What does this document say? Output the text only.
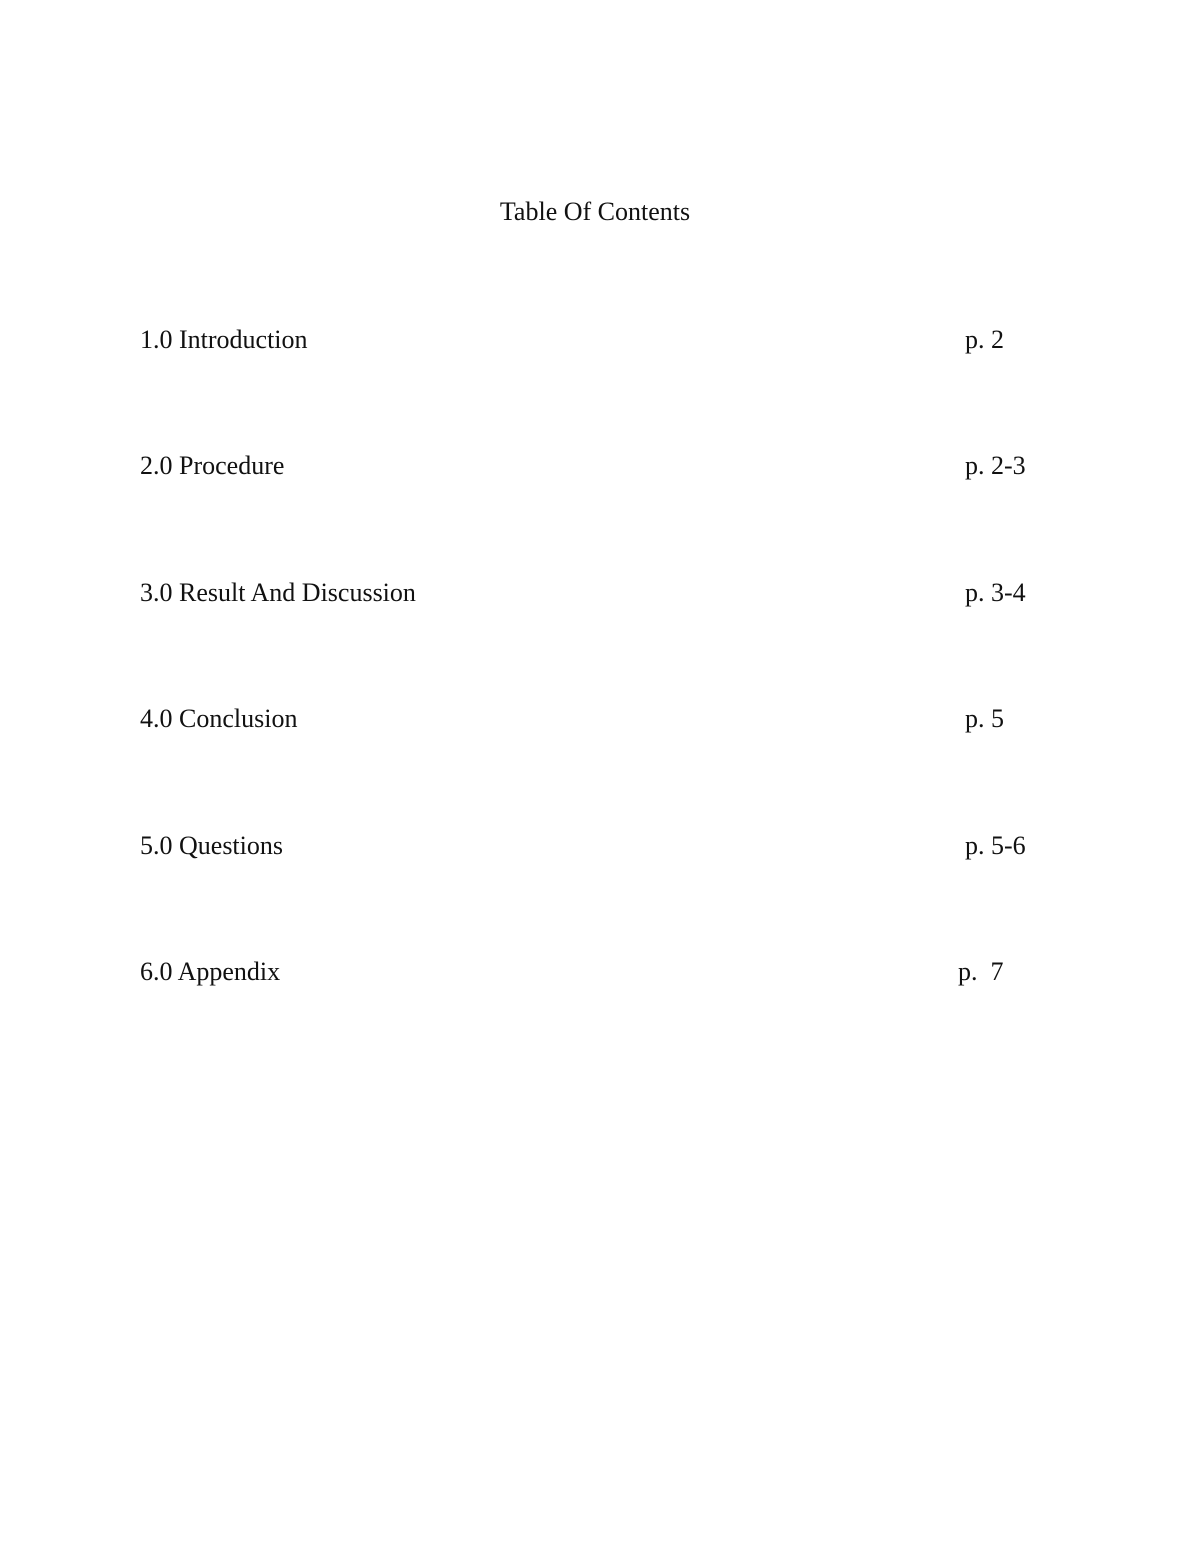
Table Of Contents
1.0 Introduction	p. 2
2.0 Procedure	p. 2-3
3.0 Result And Discussion	p. 3-4
4.0 Conclusion	p. 5
5.0 Questions	p. 5-6
6.0 Appendix	p.  7
